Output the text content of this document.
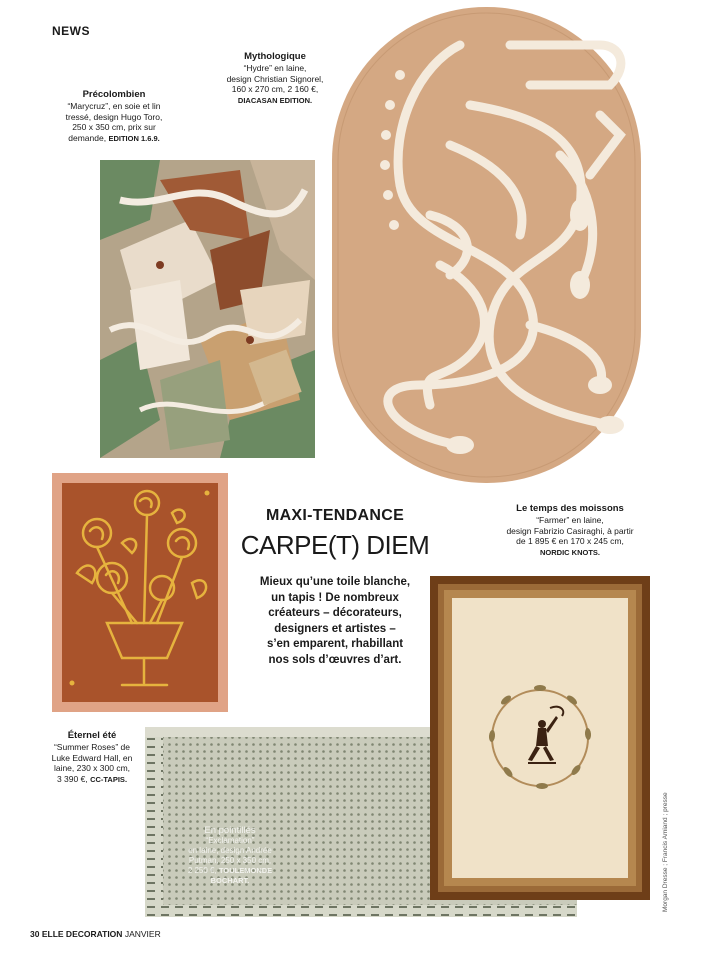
NEWS
Mythologique
“Hydre” en laine,
design Christian Signorel,
160 x 270 cm, 2 160 €,
DIACASAN EDITION.
Précolombien
“Marycruz”, en soie et lin
tressé, design Hugo Toro,
250 x 350 cm, prix sur
demande, EDITION 1.6.9.
MAXI-TENDANCE
CARPE(T) DIEM
Mieux qu’une toile blanche,
un tapis ! De nombreux
créateurs – décorateurs,
designers et artistes –
s’en emparent, rhabillant
nos sols d’œuvres d’art.
Le temps des moissons
“Farmer” en laine,
design Fabrizio Casiraghi, à partir
de 1 895 € en 170 x 245 cm,
NORDIC KNOTS.
Éternel été
“Summer Roses” de
Luke Edward Hall, en
laine, 230 x 300 cm,
3 390 €, CC-TAPIS.
En pointillés
“Exclamation”
en laine, design Andrée
Putman, 250 x 350 cm,
2 250 €, TOULEMONDE BOCHART.	Morgan Dresse ; Francis Amiand ; presse
30 ELLE DECORATION JANVIER
